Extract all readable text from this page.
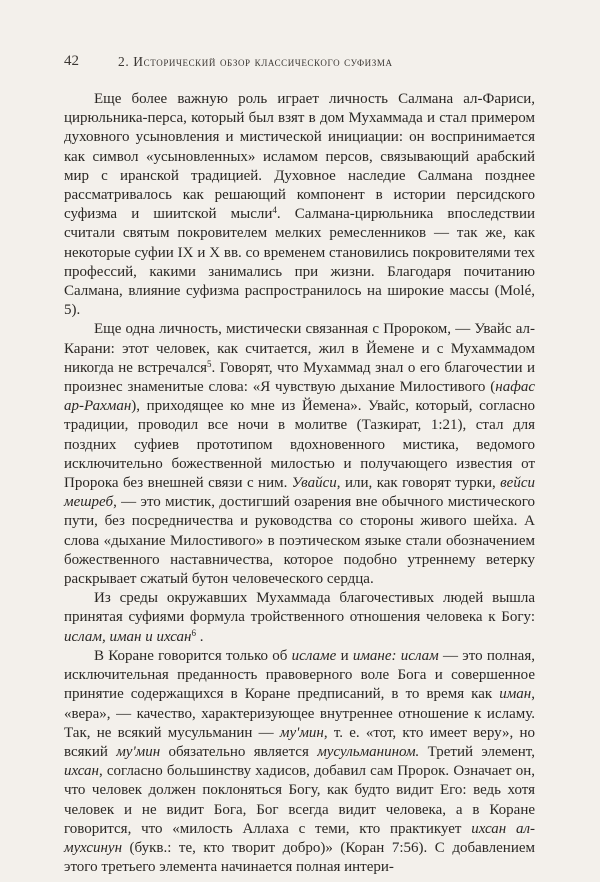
42	2. Исторический обзор классического суфизма

Еще более важную роль играет личность Салмана ал-Фариси, цирюльника-перса, который был взят в дом Мухаммада и стал примером духовного усыновления и мистической инициации: он воспринимается как символ «усыновленных» исламом персов, связывающий арабский мир с иранской традицией. Духовное наследие Салмана позднее рассматривалось как решающий компонент в истории персидского суфизма и шиитской мысли$^4$. Салмана-цирюльника впоследствии считали святым покровителем мелких ремесленников — так же, как некоторые суфии IX и X вв. со временем становились покровителями тех профессий, какими занимались при жизни. Благодаря почитанию Салмана, влияние суфизма распространилось на широкие массы (Molé, 5).

Еще одна личность, мистически связанная с Пророком, — Увайс ал-Карани: этот человек, как считается, жил в Йемене и с Мухаммадом никогда не встречался$^5$. Говорят, что Мухаммад знал о его благочестии и произнес знаменитые слова: «Я чувствую дыхание Милостивого (нафас ар-Рахман), приходящее ко мне из Йемена». Увайс, который, согласно традиции, проводил все ночи в молитве (Тазкират, 1:21), стал для поздних суфиев прототипом вдохновенного мистика, ведомого исключительно божественной милостью и получающего известия от Пророка без внешней связи с ним. Увайси, или, как говорят турки, вейси мешреб, — это мистик, достигший озарения вне обычного мистического пути, без посредничества и руководства со стороны живого шейха. А слова «дыхание Милостивого» в поэтическом языке стали обозначением божественного наставничества, которое подобно утреннему ветерку раскрывает сжатый бутон человеческого сердца.

Из среды окружавших Мухаммада благочестивых людей вышла принятая суфиями формула тройственного отношения человека к Богу: ислам, иман и ихсан$^6$ .

В Коране говорится только об исламе и имане: ислам — это полная, исключительная преданность правоверного воле Бога и совершенное принятие содержащихся в Коране предписаний, в то время как иман, «вера», — качество, характеризующее внутреннее отношение к исламу. Так, не всякий мусульманин — му'мин, т. е. «тот, кто имеет веру», но всякий му'мин обязательно является мусульманином. Третий элемент, ихсан, согласно большинству хадисов, добавил сам Пророк. Означает он, что человек должен поклоняться Богу, как будто видит Его: ведь хотя человек и не видит Бога, Бог всегда видит человека, а в Коране говорится, что «милость Аллаха с теми, кто практикует ихсан ал-мухсинун (букв.: те, кто творит добро)» (Коран 7:56). С добавлением этого третьего элемента начинается полная интери-
